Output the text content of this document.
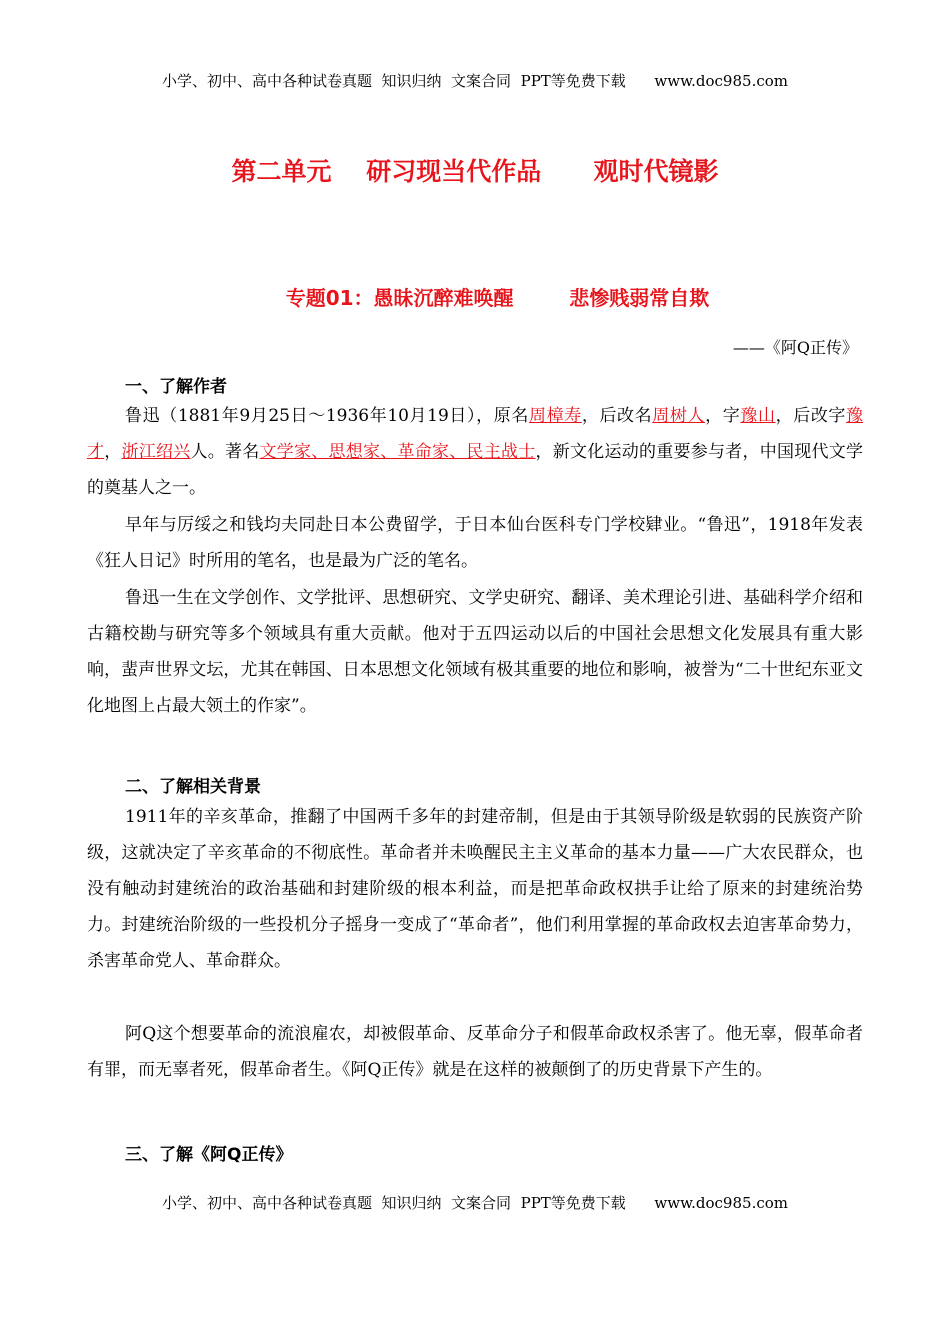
小学、初中、高中各种试卷真题  知识归纳  文案合同  PPT等免费下载      www.doc985.com
第二单元    研习现当代作品      观时代镜影
专题01：愚昧沉醉难唤醒        悲惨贱弱常自欺
——《阿Q正传》
一、了解作者
鲁迅（1881年9月25日～1936年10月19日），原名周樟寿，后改名周树人，字豫山，后改字豫才，浙江绍兴人。著名文学家、思想家、革命家、民主战士，新文化运动的重要参与者，中国现代文学的奠基人之一。
早年与厉绥之和钱均夫同赴日本公费留学，于日本仙台医科专门学校肄业。“鲁迅”，1918年发表《狂人日记》时所用的笔名，也是最为广泛的笔名。
鲁迅一生在文学创作、文学批评、思想研究、文学史研究、翻译、美术理论引进、基础科学介绍和古籍校勘与研究等多个领域具有重大贡献。他对于五四运动以后的中国社会思想文化发展具有重大影响，蜚声世界文坛，尤其在韩国、日本思想文化领域有极其重要的地位和影响，被誉为“二十世纪东亚文化地图上占最大领土的作家”。
二、了解相关背景
1911年的辛亥革命，推翻了中国两千多年的封建帝制，但是由于其领导阶级是软弱的民族资产阶级，这就决定了辛亥革命的不彻底性。革命者并未唤醒民主主义革命的基本力量——广大农民群众，也没有触动封建统治的政治基础和封建阶级的根本利益，而是把革命政权拱手让给了原来的封建统治势力。封建统治阶级的一些投机分子摇身一变成了“革命者”，他们利用掌握的革命政权去迫害革命势力，杀害革命党人、革命群众。
阿Q这个想要革命的流浪雇农，却被假革命、反革命分子和假革命政权杀害了。他无辜，假革命者有罪，而无辜者死，假革命者生。《阿Q正传》就是在这样的被颠倒了的历史背景下产生的。
三、了解《阿Q正传》
小学、初中、高中各种试卷真题  知识归纳  文案合同  PPT等免费下载      www.doc985.com
